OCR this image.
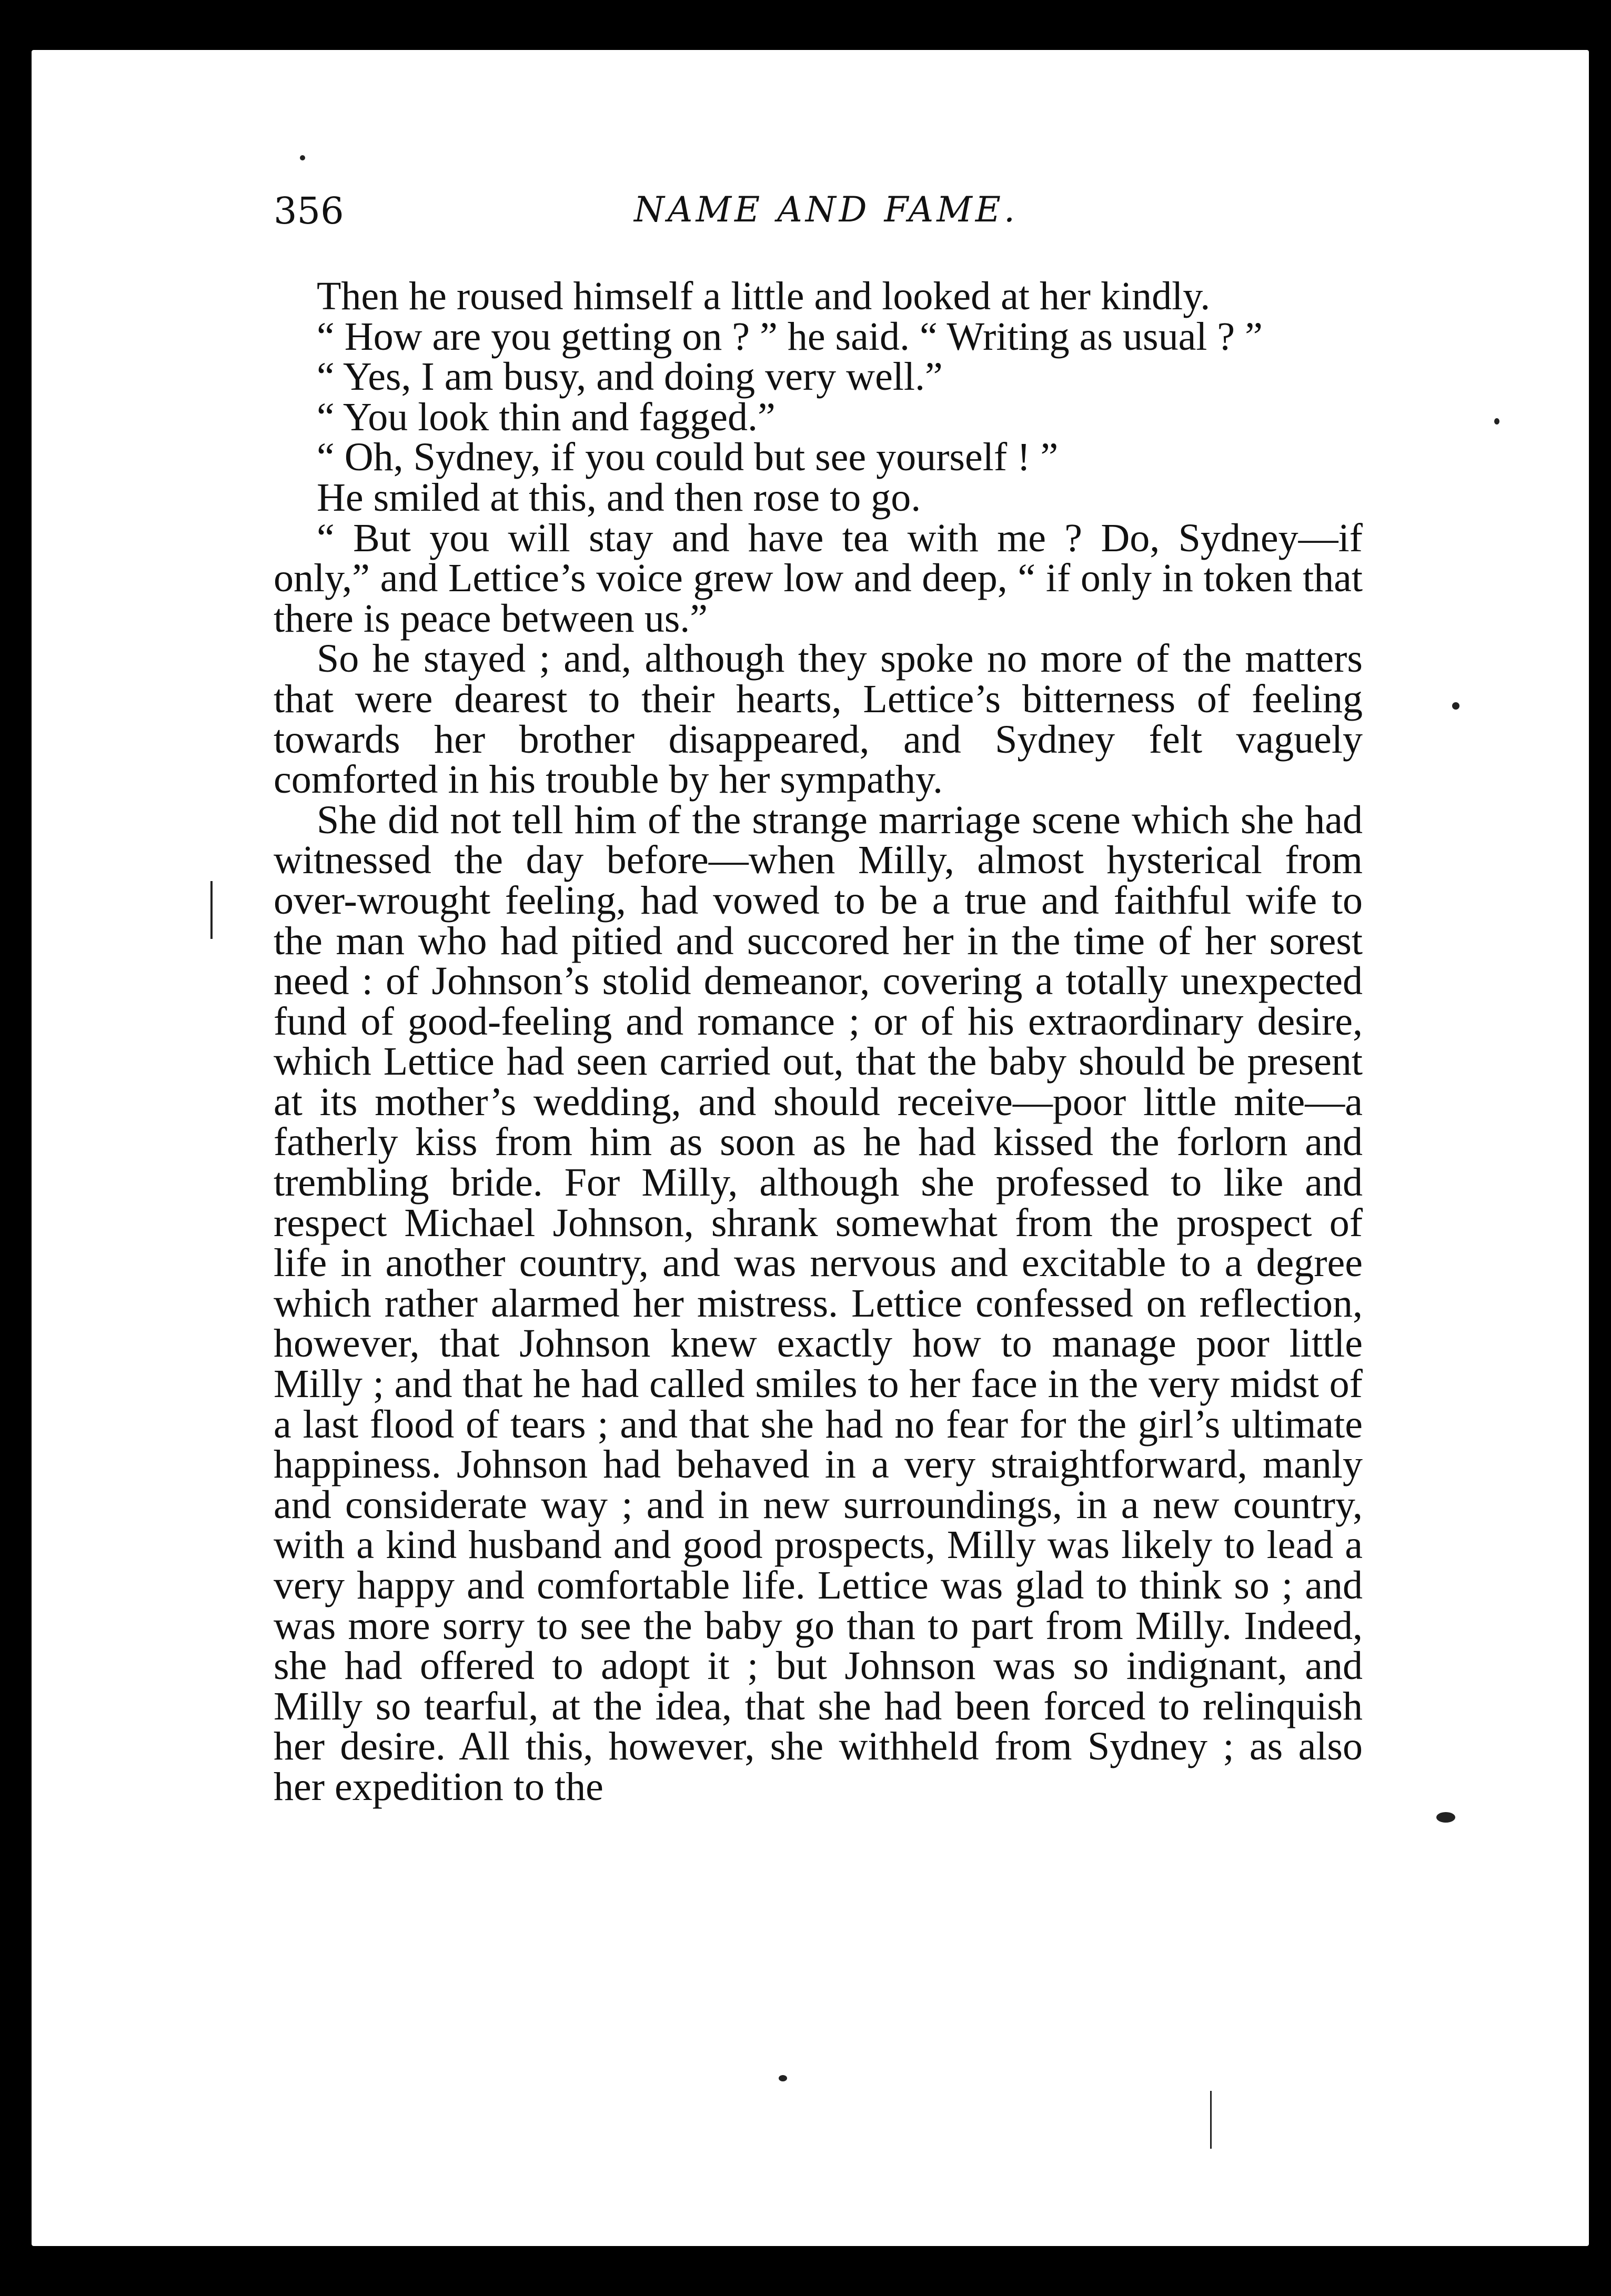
356	NAME AND FAME.

Then he roused himself a little and looked at her kindly.

“ How are you getting on ? ” he said. “ Writing as usual ? ”

“ Yes, I am busy, and doing very well.”

“ You look thin and fagged.”

“ Oh, Sydney, if you could but see yourself ! ”

He smiled at this, and then rose to go.

“ But you will stay and have tea with me ? Do, Sydney—if only,” and Lettice’s voice grew low and deep, “ if only in token that there is peace between us.”

So he stayed ; and, although they spoke no more of the matters that were dearest to their hearts, Lettice’s bitterness of feeling towards her brother disappeared, and Sydney felt vaguely comforted in his trouble by her sympathy.

She did not tell him of the strange marriage scene which she had witnessed the day before—when Milly, almost hysterical from over-wrought feeling, had vowed to be a true and faithful wife to the man who had pitied and succored her in the time of her sorest need : of Johnson’s stolid demeanor, covering a totally unexpected fund of good-feeling and romance ; or of his extraordinary desire, which Lettice had seen carried out, that the baby should be present at its mother’s wedding, and should receive—poor little mite—a fatherly kiss from him as soon as he had kissed the forlorn and trembling bride. For Milly, although she professed to like and respect Michael Johnson, shrank somewhat from the prospect of life in another country, and was nervous and excitable to a degree which rather alarmed her mistress. Lettice confessed on reflection, however, that Johnson knew exactly how to manage poor little Milly ; and that he had called smiles to her face in the very midst of a last flood of tears ; and that she had no fear for the girl’s ultimate happiness. Johnson had behaved in a very straightforward, manly and considerate way ; and in new surroundings, in a new country, with a kind husband and good prospects, Milly was likely to lead a very happy and comfortable life. Lettice was glad to think so ; and was more sorry to see the baby go than to part from Milly. Indeed, she had offered to adopt it ; but Johnson was so indignant, and Milly so tearful, at the idea, that she had been forced to relinquish her desire. All this, however, she withheld from Sydney ; as also her expedition to the
